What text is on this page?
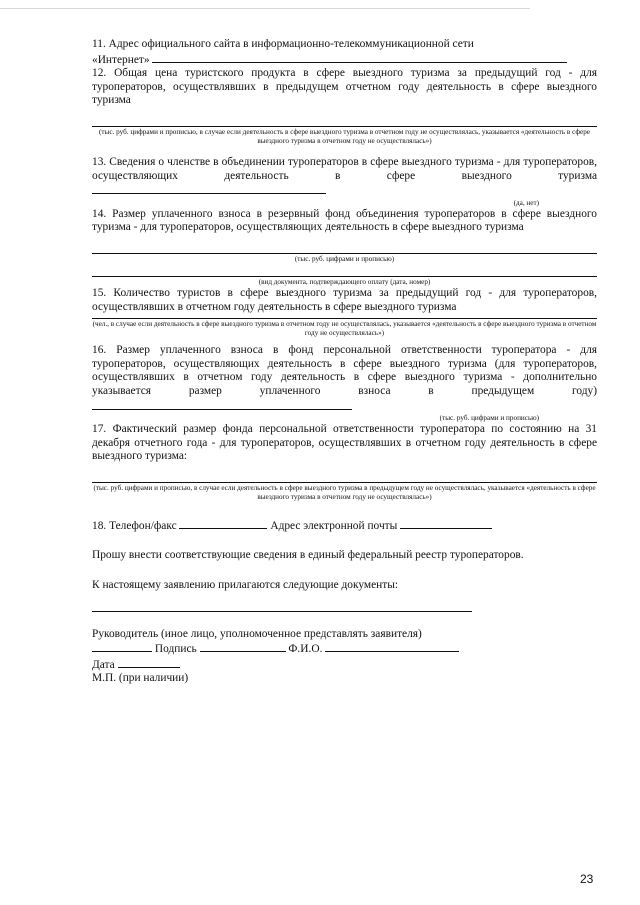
11. Адрес официального сайта в информационно-телекоммуникационной сети

«Интернет»

12. Общая цена туристского продукта в сфере выездного туризма за предыдущий год - для туроператоров, осуществлявших в предыдущем отчетном году деятельность в сфере выездного туризма

(тыс. руб. цифрами и прописью, в случае если деятельность в сфере выездного туризма в отчетном году не осуществлялась, указывается «деятельность в сфере выездного туризма в отчетном году не осуществлялась»)

13. Сведения о членстве в объединении туроператоров в сфере выездного туризма - для туроператоров, осуществляющих деятельность в сфере выездного туризма

(да, нет)

14. Размер уплаченного взноса в резервный фонд объединения туроператоров в сфере выездного туризма - для туроператоров, осуществляющих деятельность в сфере выездного туризма

(тыс. руб. цифрами и прописью)

(вид документа, подтверждающего оплату (дата, номер)

15. Количество туристов в сфере выездного туризма за предыдущий год - для туроператоров, осуществлявших в отчетном году деятельность в сфере выездного туризма

(чел., в случае если деятельность в сфере выездного туризма в отчетном году не осуществлялась, указывается «деятельность в сфере выездного туризма в отчетном году не осуществлялась»)

16. Размер уплаченного взноса в фонд персональной ответственности туроператора - для туроператоров, осуществляющих деятельность в сфере выездного туризма (для туроператоров, осуществлявших в отчетном году деятельность в сфере выездного туризма - дополнительно указывается размер уплаченного взноса в предыдущем году)

(тыс. руб. цифрами и прописью)

17. Фактический размер фонда персональной ответственности туроператора по состоянию на 31 декабря отчетного года - для туроператоров, осуществлявших в отчетном году деятельность в сфере выездного туризма:

(тыс. руб. цифрами и прописью, в случае если деятельность в сфере выездного туризма в предыдущем году не осуществлялась, указывается «деятельность в сфере выездного туризма в отчетном году не осуществлялась»)

18. Телефон/факс	Адрес электронной почты

Прошу внести соответствующие сведения в единый федеральный реестр туроператоров.

К настоящему заявлению прилагаются следующие документы:

Руководитель (иное лицо, уполномоченное представлять заявителя)

Подпись	Ф.И.О.

Дата

М.П. (при наличии)

23
